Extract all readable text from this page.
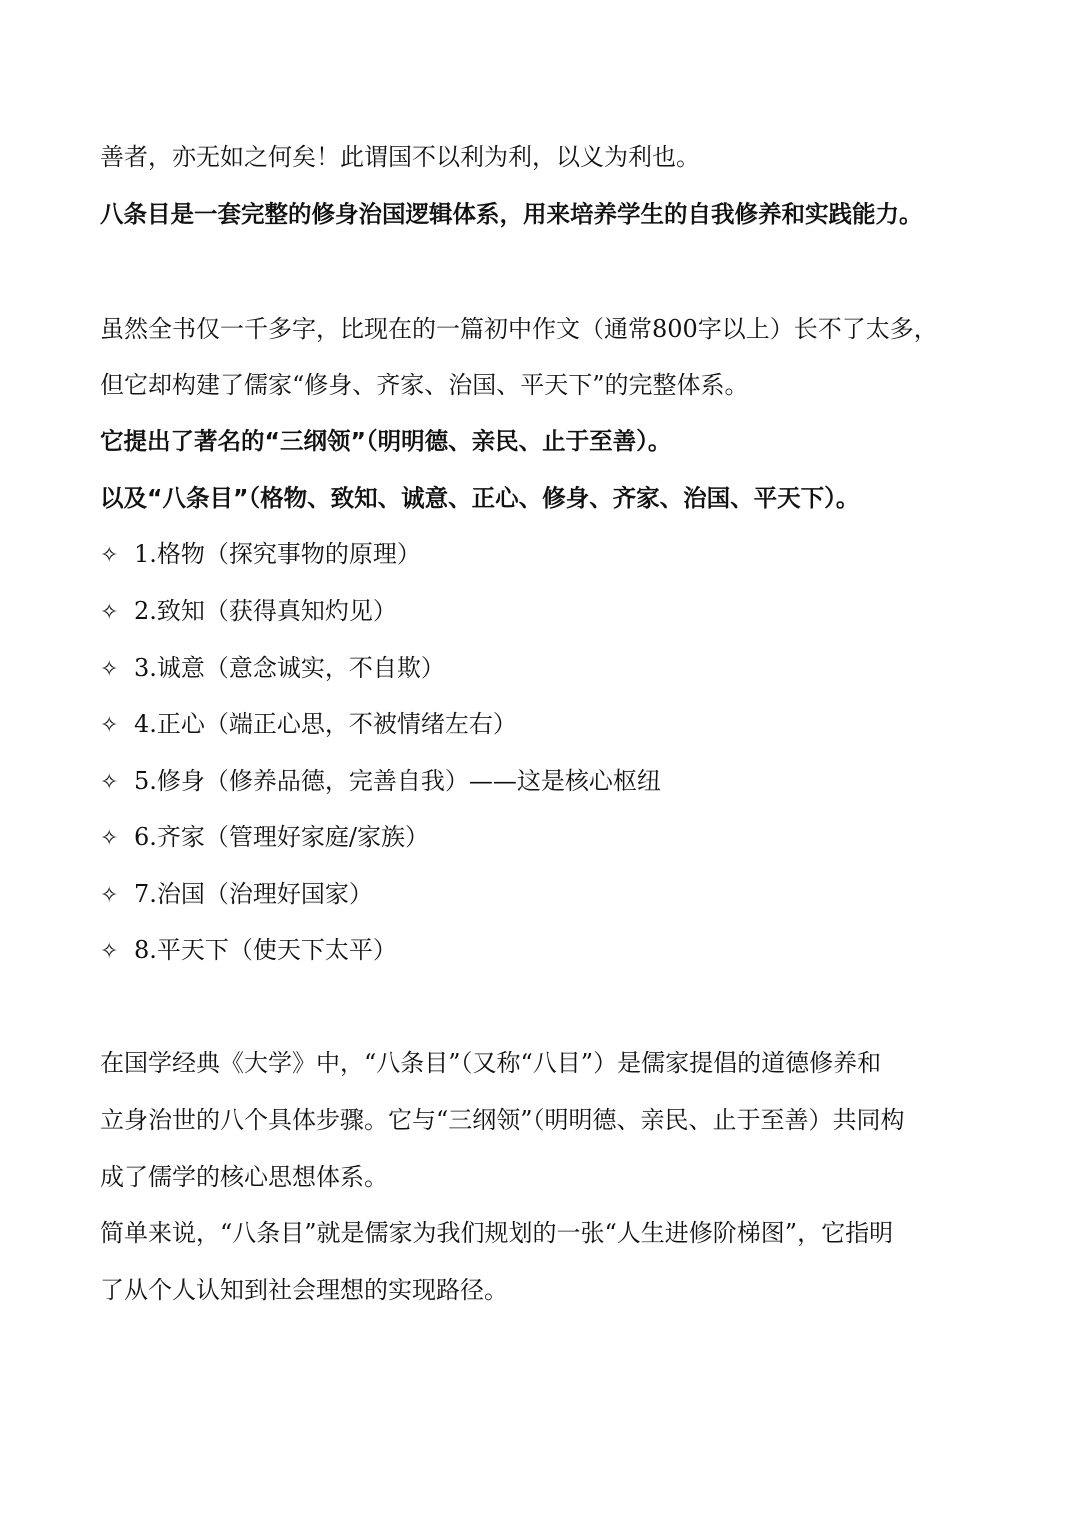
善者，亦无如之何矣！此谓国不以利为利，以义为利也。
八条目是一套完整的修身治国逻辑体系，用来培养学生的自我修养和实践能力。
虽然全书仅一千多字，比现在的一篇初中作文（通常800字以上）长不了太多，
但它却构建了儒家“修身、齐家、治国、平天下”的完整体系。
它提出了著名的“三纲领”（明明德、亲民、止于至善）。
以及“八条目”（格物、致知、诚意、正心、修身、齐家、治国、平天下）。
✧ 1.格物（探究事物的原理）
✧ 2.致知（获得真知灼见）
✧ 3.诚意（意念诚实，不自欺）
✧ 4.正心（端正心思，不被情绪左右）
✧ 5.修身（修养品德，完善自我）——这是核心枢纽
✧ 6.齐家（管理好家庭/家族）
✧ 7.治国（治理好国家）
✧ 8.平天下（使天下太平）
在国学经典《大学》中，“八条目”（又称“八目”）是儒家提倡的道德修养和
立身治世的八个具体步骤。它与“三纲领”（明明德、亲民、止于至善）共同构
成了儒学的核心思想体系。
简单来说，“八条目”就是儒家为我们规划的一张“人生进修阶梯图”，它指明
了从个人认知到社会理想的实现路径。
